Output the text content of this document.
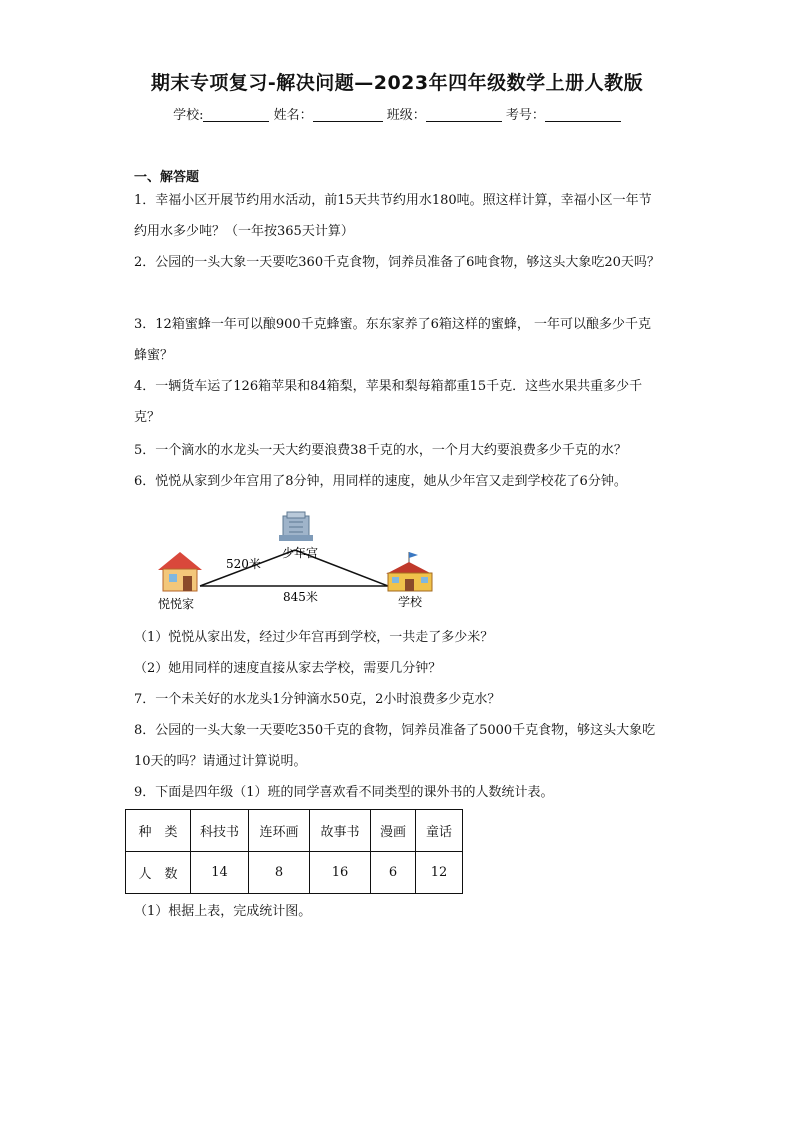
期末专项复习-解决问题—2023年四年级数学上册人教版
学校:	姓名：	班级：	考号：
一、解答题
1．幸福小区开展节约用水活动，前15天共节约用水180吨。照这样计算，幸福小区一年节约用水多少吨？（一年按365天计算）
2．公园的一头大象一天要吃360千克食物，饲养员准备了6吨食物，够这头大象吃20天吗？
3．12箱蜜蜂一年可以酿900千克蜂蜜。东东家养了6箱这样的蜜蜂， 一年可以酿多少千克蜂蜜？
4．一辆货车运了126箱苹果和84箱梨，苹果和梨每箱都重15千克．这些水果共重多少千克？
5．一个滴水的水龙头一天大约要浪费38千克的水，一个月大约要浪费多少千克的水？
6．悦悦从家到少年宫用了8分钟，用同样的速度，她从少年宫又走到学校花了6分钟。
悦悦家
少年宫
学校
520米
845米
（1）悦悦从家出发，经过少年宫再到学校，一共走了多少米？
（2）她用同样的速度直接从家去学校，需要几分钟？
7．一个未关好的水龙头1分钟滴水50克，2小时浪费多少克水？
8．公园的一头大象一天要吃350千克的食物，饲养员准备了5000千克食物，够这头大象吃10天的吗？请通过计算说明。
9．下面是四年级（1）班的同学喜欢看不同类型的课外书的人数统计表。
种　类	科技书	连环画	故事书	漫画	童话
人　数	14	8	16	6	12
（1）根据上表，完成统计图。
